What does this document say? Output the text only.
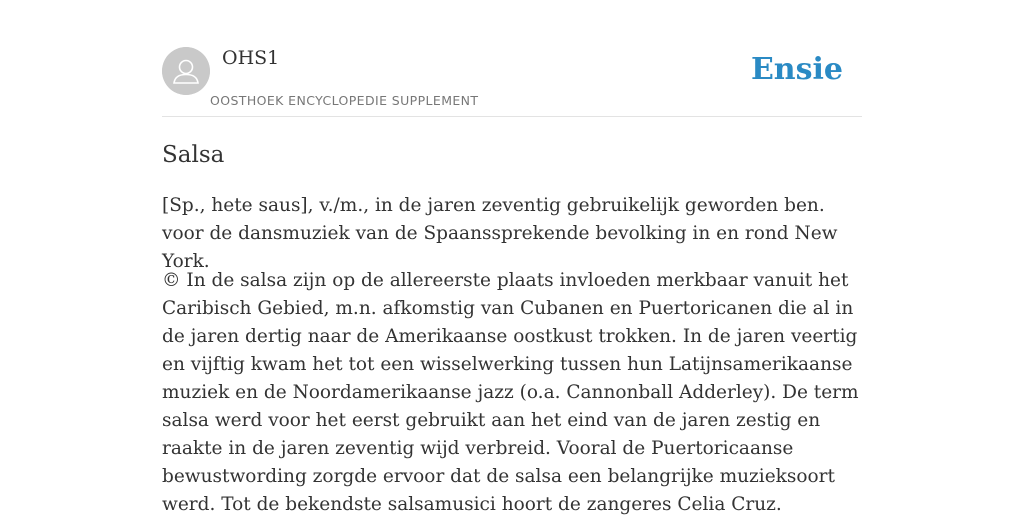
OHS1
OOSTHOEK ENCYCLOPEDIE SUPPLEMENT
Ensie
Salsa

[Sp., hete saus], v./m., in de jaren zeventig gebruikelijk geworden ben. voor de dansmuziek van de Spaanssprekende bevolking in en rond New York.

© In de salsa zijn op de allereerste plaats invloeden merkbaar vanuit het Caribisch Gebied, m.n. afkomstig van Cubanen en Puertoricanen die al in de jaren dertig naar de Amerikaanse oostkust trokken. In de jaren veertig en vijftig kwam het tot een wisselwerking tussen hun Latijnsamerikaanse muziek en de Noordamerikaanse jazz (o.a. Cannonball Adderley). De term salsa werd voor het eerst gebruikt aan het eind van de jaren zestig en raakte in de jaren zeventig wijd verbreid. Vooral de Puertoricaanse bewustwording zorgde ervoor dat de salsa een belangrijke muzieksoort werd. Tot de bekendste salsamusici hoort de zangeres Celia Cruz.
